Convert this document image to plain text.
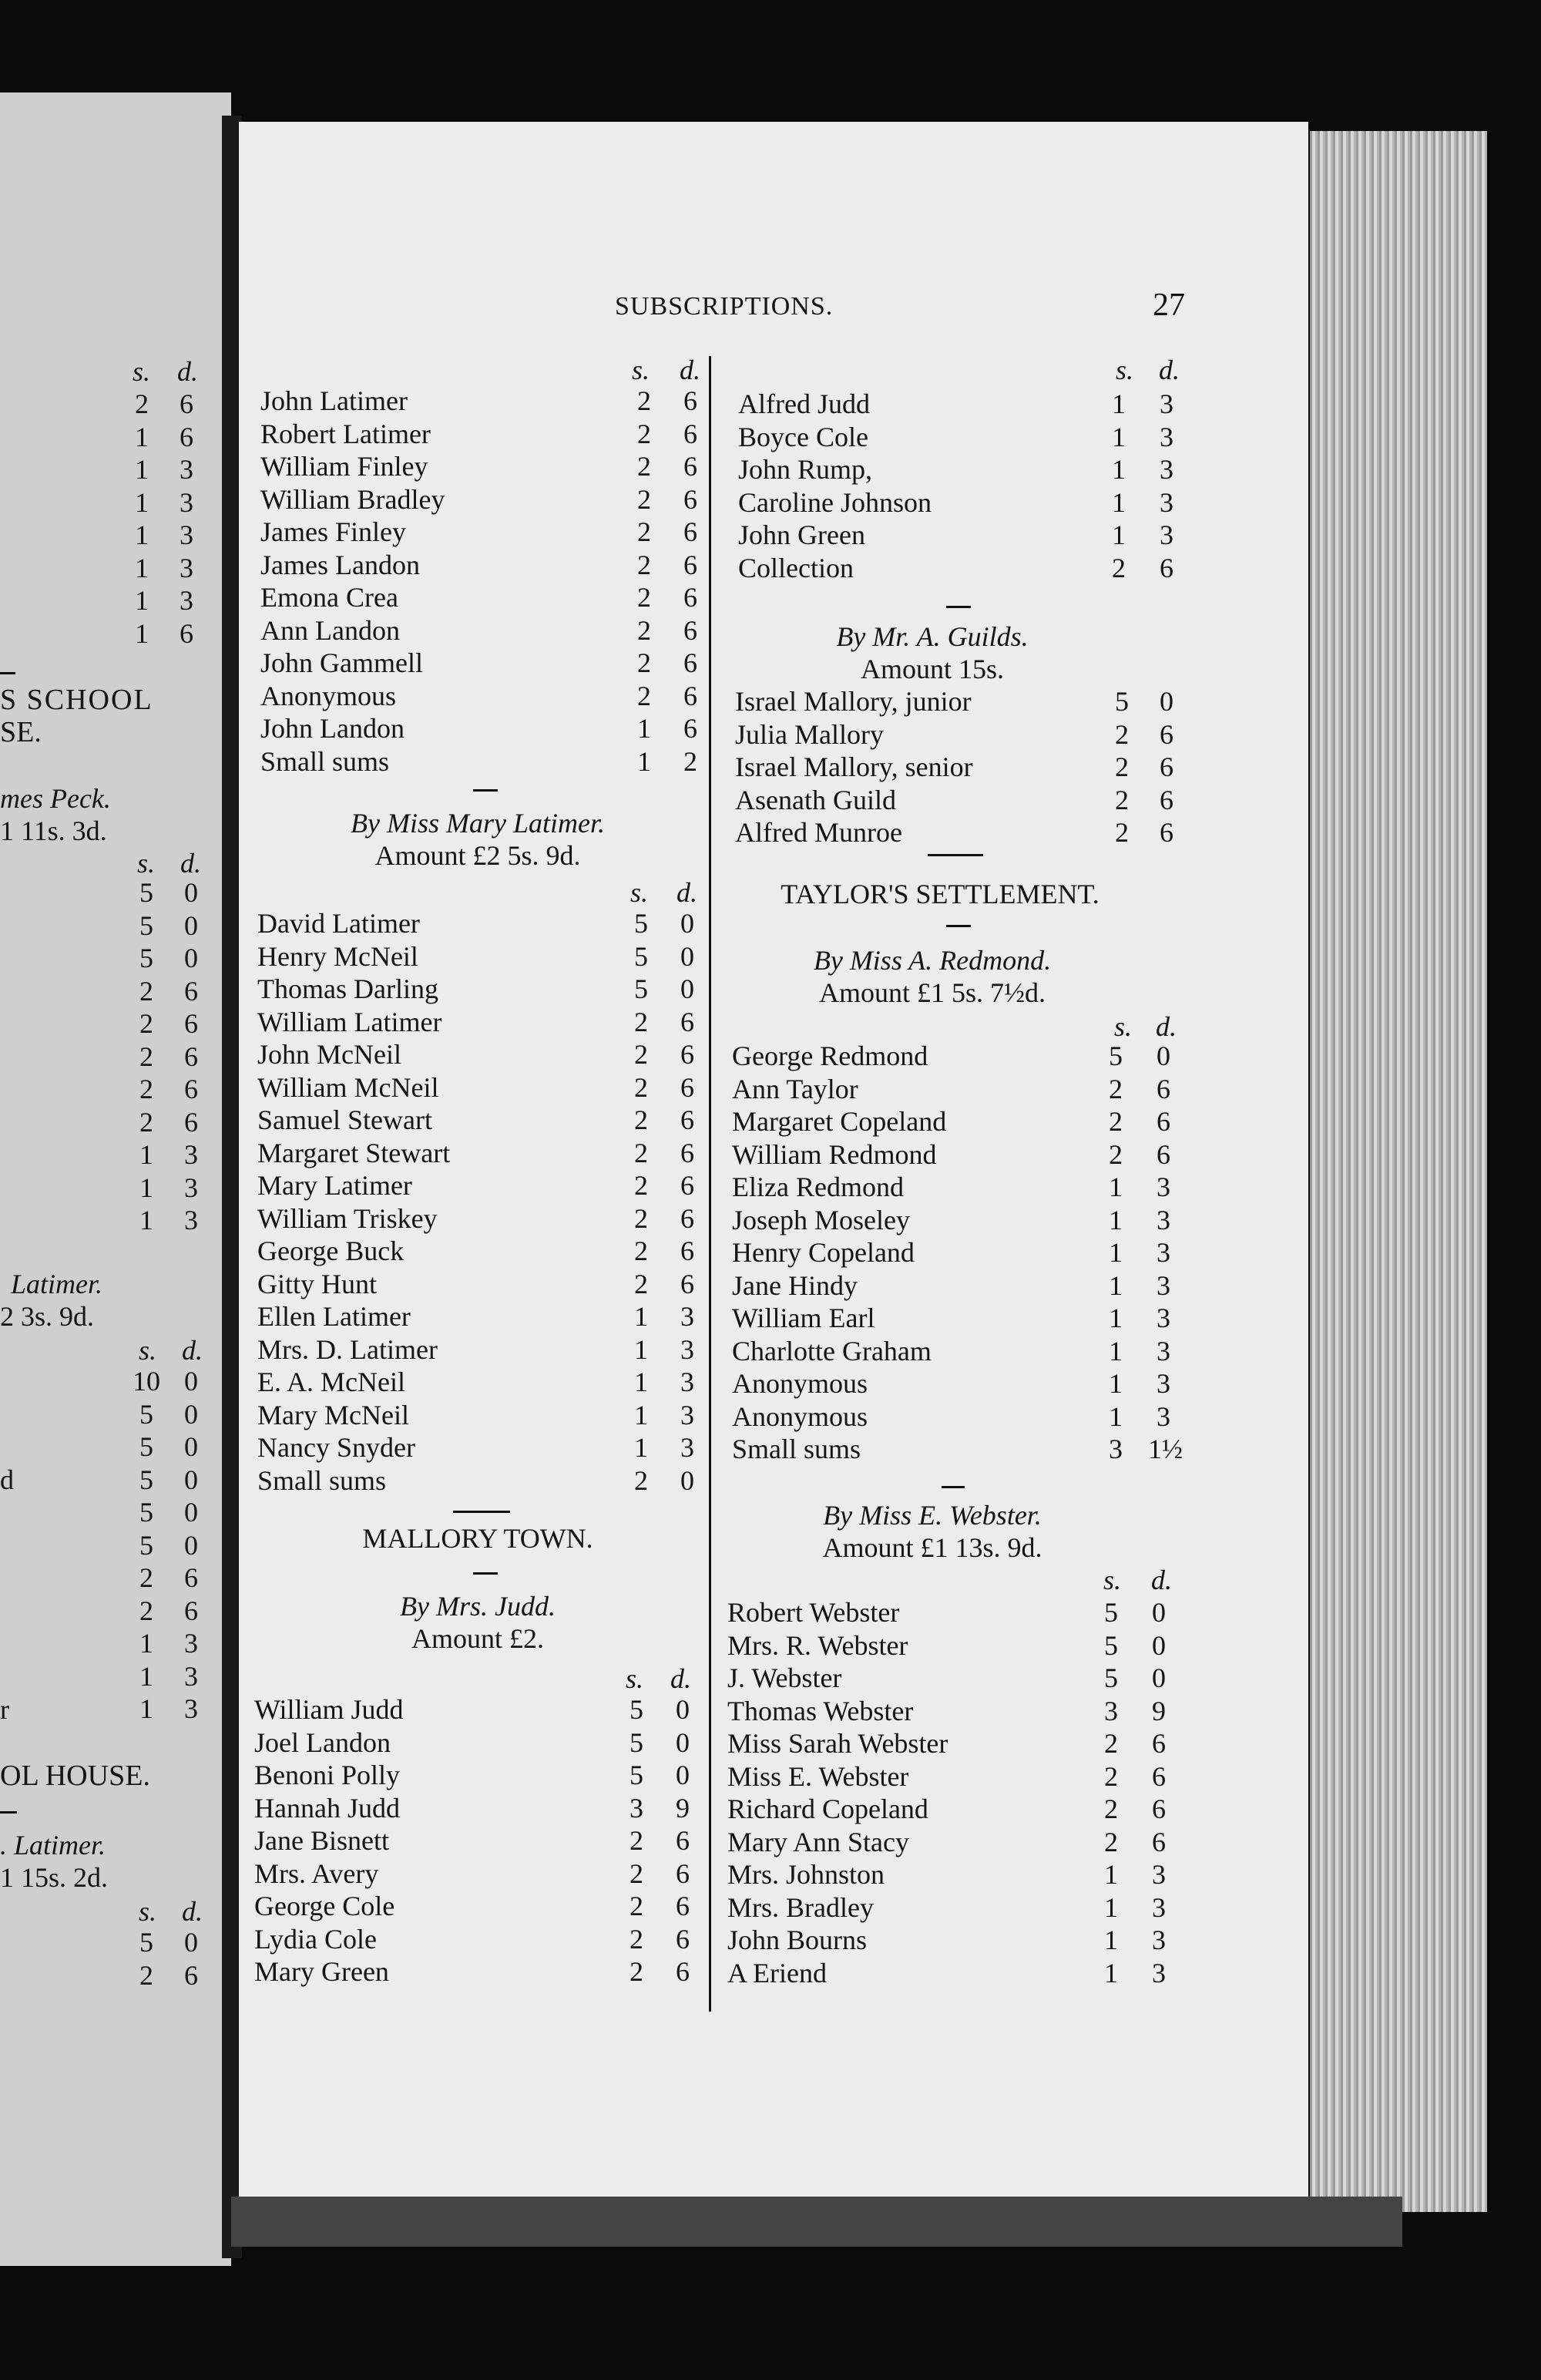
SUBSCRIPTIONS.	27
s. d.
John Latimer	2	6
Robert Latimer	2	6
William Finley	2	6
William Bradley	2	6
James Finley	2	6
James Landon	2	6
Emona Crea	2	6
Ann Landon	2	6
John Gammell	2	6
Anonymous	2	6
John Landon	1	6
Small sums	1	2
By Miss Mary Latimer.
Amount £2 5s. 9d.
s. d.
David Latimer	5	0
Henry McNeil	5	0
Thomas Darling	5	0
William Latimer	2	6
John McNeil	2	6
William McNeil	2	6
Samuel Stewart	2	6
Margaret Stewart	2	6
Mary Latimer	2	6
William Triskey	2	6
George Buck	2	6
Gitty Hunt	2	6
Ellen Latimer	1	3
Mrs. D. Latimer	1	3
E. A. McNeil	1	3
Mary McNeil	1	3
Nancy Snyder	1	3
Small sums	2	0
MALLORY TOWN.
By Mrs. Judd.
Amount £2.
s. d.
William Judd	5	0
Joel Landon	5	0
Benoni Polly	5	0
Hannah Judd	3	9
Jane Bisnett	2	6
Mrs. Avery	2	6
George Cole	2	6
Lydia Cole	2	6
Mary Green	2	6
s. d.
Alfred Judd	1	3
Boyce Cole	1	3
John Rump,	1	3
Caroline Johnson	1	3
John Green	1	3
Collection	2	6
By Mr. A. Guilds.
Amount 15s.
Israel Mallory, junior	5	0
Julia Mallory	2	6
Israel Mallory, senior	2	6
Asenath Guild	2	6
Alfred Munroe	2	6
TAYLOR'S SETTLEMENT.
By Miss A. Redmond.
Amount £1 5s. 7½d.
s. d.
George Redmond	5	0
Ann Taylor	2	6
Margaret Copeland	2	6
William Redmond	2	6
Eliza Redmond	1	3
Joseph Moseley	1	3
Henry Copeland	1	3
Jane Hindy	1	3
William Earl	1	3
Charlotte Graham	1	3
Anonymous	1	3
Anonymous	1	3
Small sums	3 1½
By Miss E. Webster.
Amount £1 13s. 9d.
s. d.
Robert Webster	5	0
Mrs. R. Webster	5	0
J. Webster	5	0
Thomas Webster	3	9
Miss Sarah Webster	2	6
Miss E. Webster	2	6
Richard Copeland	2	6
Mary Ann Stacy	2	6
Mrs. Johnston	1	3
Mrs. Bradley	1	3
John Bourns	1	3
A Eriend	1	3
s. d.
2	6
1	6
1	3
1	3
1	3
1	3
1	3
1	6
S SCHOOL
SE.
mes Peck.
1 11s. 3d.
s. d.
5	0
5	0
5	0
2	6
2	6
2	6
2	6
2	6
1	3
1	3
1	3
Latimer.
2 3s. 9d.
s. d.
10 0
5	0
5	0
5	0
5	0
5	0
2	6
2	6
1	3
1	3
1	3
d
r
OL HOUSE.
. Latimer.
1 15s. 2d.
s. d.
5	0
2	6
